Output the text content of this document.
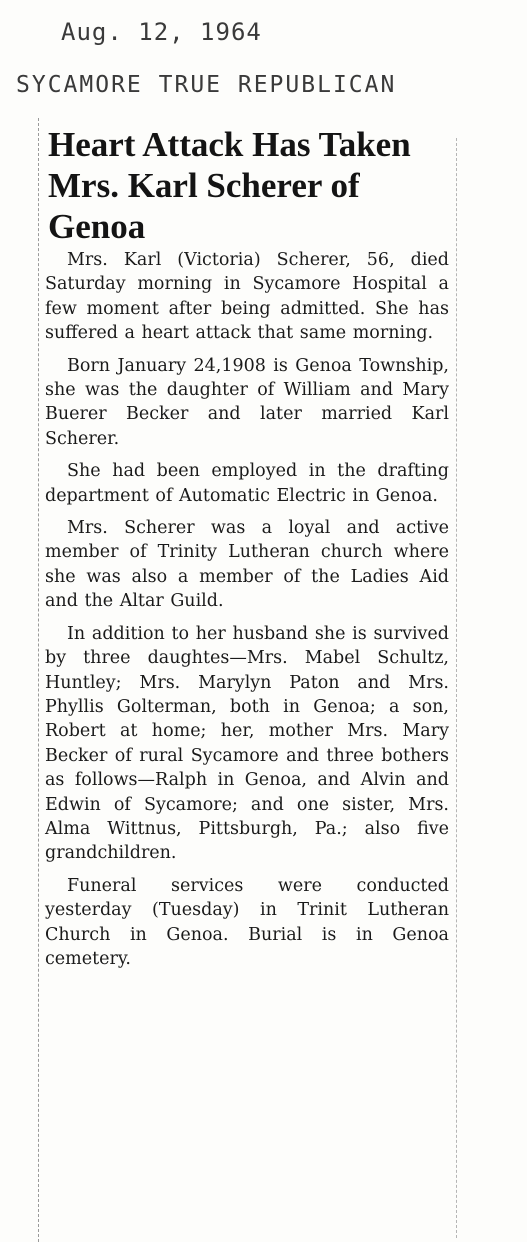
Aug. 12, 1964
SYCAMORE TRUE REPUBLICAN
Heart Attack Has Taken Mrs. Karl Scherer of Genoa

Mrs. Karl (Victoria) Scherer, 56, died Saturday morning in Sycamore Hospital a few moment after being admitted. She has suffered a heart attack that same morning.

Born January 24,1908 is Genoa Township, she was the daughter of William and Mary Buerer Becker and later married Karl Scherer.

She had been employed in the drafting department of Automatic Electric in Genoa.

Mrs. Scherer was a loyal and active member of Trinity Lutheran church where she was also a member of the Ladies Aid and the Altar Guild.

In addition to her husband she is survived by three daughtes—Mrs. Mabel Schultz, Huntley; Mrs. Marylyn Paton and Mrs. Phyllis Golterman, both in Genoa; a son, Robert at home; her, mother Mrs. Mary Becker of rural Sycamore and three bothers as follows—Ralph in Genoa, and Alvin and Edwin of Sycamore; and one sister, Mrs. Alma Wittnus, Pittsburgh, Pa.; also five grandchildren.

Funeral services were conducted yesterday (Tuesday) in Trinit Lutheran Church in Genoa. Burial is in Genoa cemetery.
